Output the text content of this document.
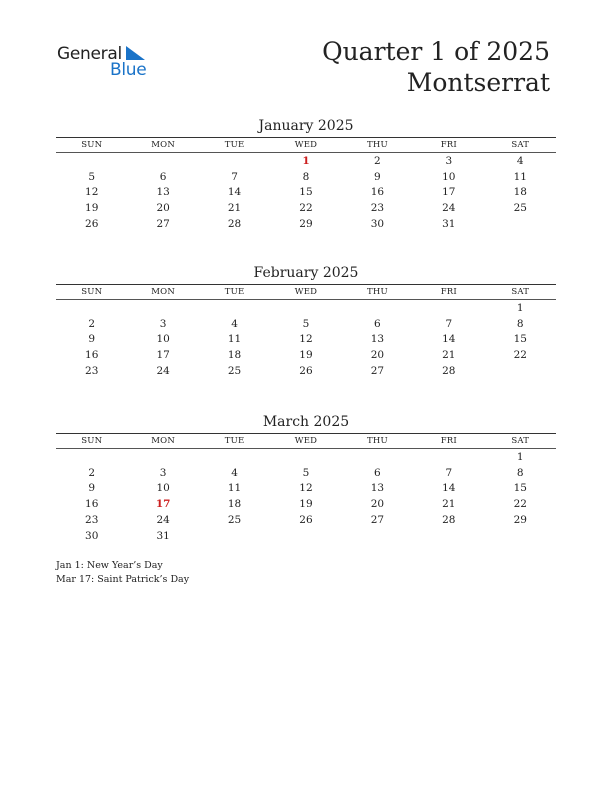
General
Blue
Quarter 1 of 2025
Montserrat
January 2025
SUN	MON	TUE	WED	THU	FRI	SAT

			1	2	3	4
5	6	7	8	9	10	11
12	13	14	15	16	17	18
19	20	21	22	23	24	25
26	27	28	29	30	31	
February 2025
SUN	MON	TUE	WED	THU	FRI	SAT

						1
2	3	4	5	6	7	8
9	10	11	12	13	14	15
16	17	18	19	20	21	22
23	24	25	26	27	28	
March 2025
SUN	MON	TUE	WED	THU	FRI	SAT

						1
2	3	4	5	6	7	8
9	10	11	12	13	14	15
16	17	18	19	20	21	22
23	24	25	26	27	28	29
30	31					
Jan 1: New Year’s Day
Mar 17: Saint Patrick’s Day
